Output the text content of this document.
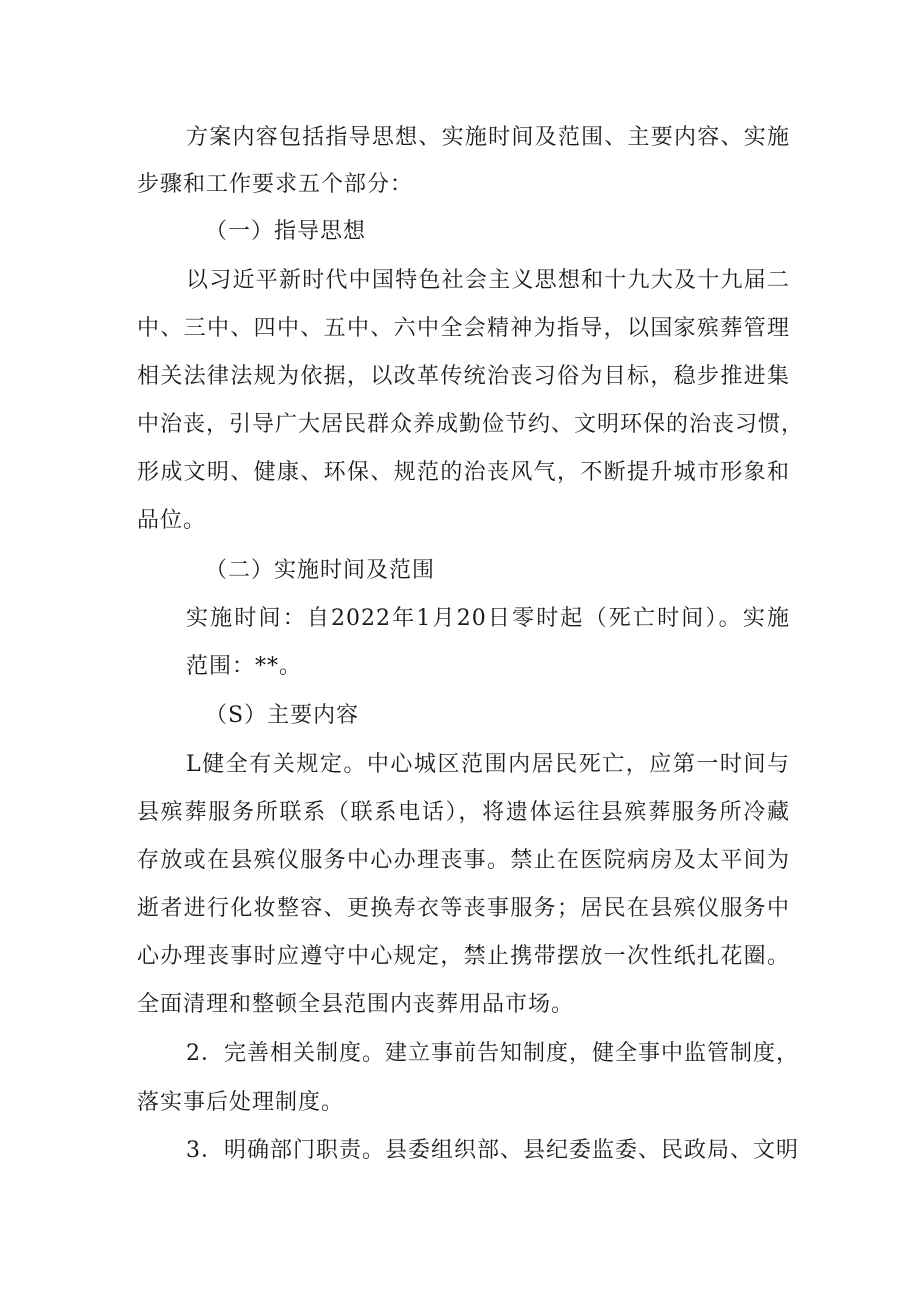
方案内容包括指导思想、实施时间及范围、主要内容、实施
步骤和工作要求五个部分：
（一）指导思想
以习近平新时代中国特色社会主义思想和十九大及十九届二
中、三中、四中、五中、六中全会精神为指导，以国家殡葬管理
相关法律法规为依据，以改革传统治丧习俗为目标，稳步推进集
中治丧，引导广大居民群众养成勤俭节约、文明环保的治丧习惯，
形成文明、健康、环保、规范的治丧风气，不断提升城市形象和
品位。
（二）实施时间及范围
实施时间：自2022年1月20日零时起（死亡时间）。实施
范围：**。
（S）主要内容
L健全有关规定。中心城区范围内居民死亡，应第一时间与
县殡葬服务所联系（联系电话），将遗体运往县殡葬服务所冷藏
存放或在县殡仪服务中心办理丧事。禁止在医院病房及太平间为
逝者进行化妆整容、更换寿衣等丧事服务；居民在县殡仪服务中
心办理丧事时应遵守中心规定，禁止携带摆放一次性纸扎花圈。
全面清理和整顿全县范围内丧葬用品市场。
2．完善相关制度。建立事前告知制度，健全事中监管制度，
落实事后处理制度。
3．明确部门职责。县委组织部、县纪委监委、民政局、文明
